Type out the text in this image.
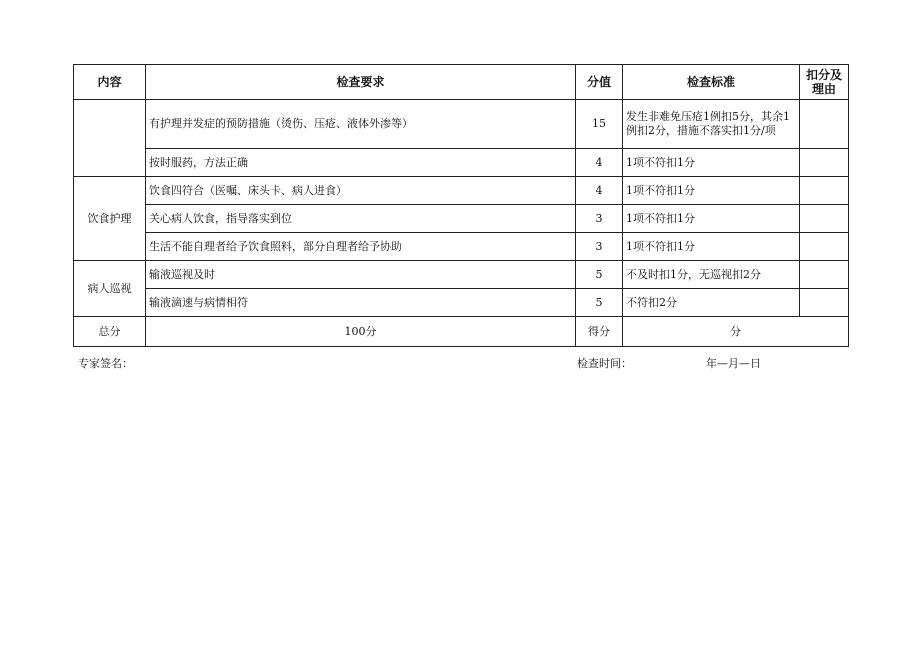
内容	检查要求	分值	检查标准	扣分及理由
	有护理并发症的预防措施（烫伤、压疮、液体外渗等）	15	发生非难免压疮1例扣5分，其余1例扣2分，措施不落实扣1分/项	
	按时服药，方法正确	4	1项不符扣1分	
饮食护理	饮食四符合（医嘱、床头卡、病人进食）	4	1项不符扣1分	
	关心病人饮食，指导落实到位	3	1项不符扣1分	
	生活不能自理者给予饮食照料，部分自理者给予协助	3	1项不符扣1分	
病人巡视	输液巡视及时	5	不及时扣1分，无巡视扣2分	
	输液滴速与病情相符	5	不符扣2分	
总分	100分	得分	分	
专家签名：	检查时间：	年—月—日
